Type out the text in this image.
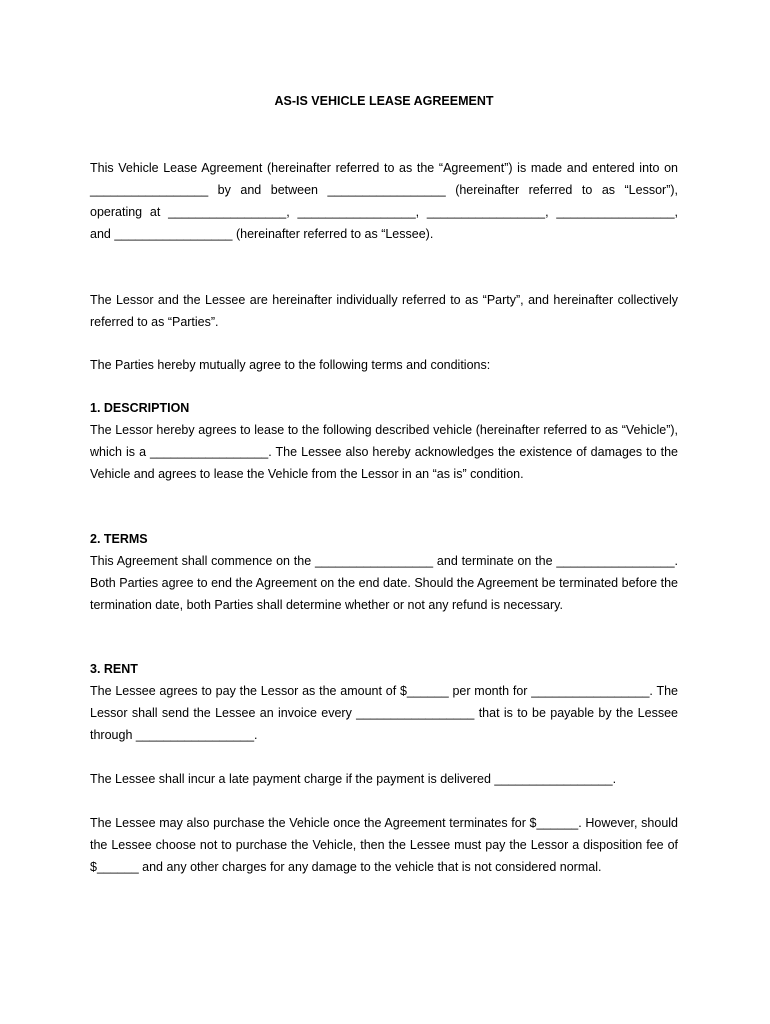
AS-IS VEHICLE LEASE AGREEMENT
This Vehicle Lease Agreement (hereinafter referred to as the “Agreement”) is made and entered into on _________________ by and between _________________ (hereinafter referred to as “Lessor”), operating at _________________, _________________, _________________, _________________, and _________________ (hereinafter referred to as “Lessee).
The Lessor and the Lessee are hereinafter individually referred to as “Party”, and hereinafter collectively referred to as “Parties”.
The Parties hereby mutually agree to the following terms and conditions:
1. DESCRIPTION
The Lessor hereby agrees to lease to the following described vehicle (hereinafter referred to as “Vehicle”), which is a _________________. The Lessee also hereby acknowledges the existence of damages to the Vehicle and agrees to lease the Vehicle from the Lessor in an “as is” condition.
2. TERMS
This Agreement shall commence on the _________________ and terminate on the _________________. Both Parties agree to end the Agreement on the end date. Should the Agreement be terminated before the termination date, both Parties shall determine whether or not any refund is necessary.
3. RENT
The Lessee agrees to pay the Lessor as the amount of $______ per month for _________________. The Lessor shall send the Lessee an invoice every _________________ that is to be payable by the Lessee through _________________.
The Lessee shall incur a late payment charge if the payment is delivered _________________.
The Lessee may also purchase the Vehicle once the Agreement terminates for $______. However, should the Lessee choose not to purchase the Vehicle, then the Lessee must pay the Lessor a disposition fee of $______ and any other charges for any damage to the vehicle that is not considered normal.
